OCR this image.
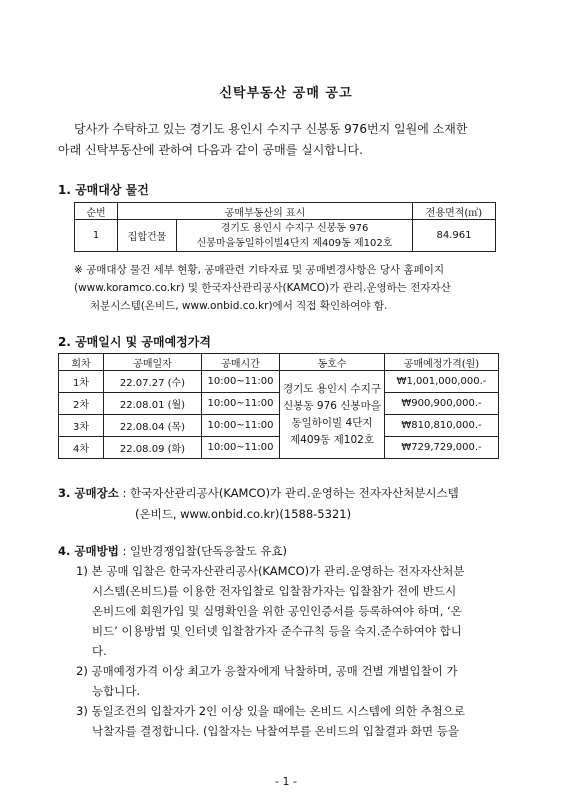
신탁부동산 공매 공고
당사가 수탁하고 있는 경기도 용인시 수지구 신봉동 976번지 일원에 소재한
아래 신탁부동산에 관하여 다음과 같이 공매를 실시합니다.
1. 공매대상 물건
순번	공매부동산의 표시		전용면적(㎡)
1	집합건물	경기도 용인시 수지구 신봉동 976
신봉마을동일하이빌4단지 제409동 제102호	84.961
※ 공매대상 물건 세부 현황, 공매관련 기타자료 및 공매변경사항은 당사 홈페이지
(www.koramco.co.kr) 및 한국자산관리공사(KAMCO)가 관리.운영하는 전자자산
처분시스템(온비드, www.onbid.co.kr)에서 직접 확인하여야 함.
2. 공매일시 및 공매예정가격
회차	공매일자	공매시간	동호수	공매예정가격(원)
1차	22.07.27 (수)	10:00~11:00	경기도 용인시 수지구
신봉동 976 신봉마을
동일하이빌 4단지
제409동 제102호	₩1,001,000,000.-
2차	22.08.01 (월)	10:00~11:00		₩900,900,000.-
3차	22.08.04 (목)	10:00~11:00		₩810,810,000.-
4차	22.08.09 (화)	10:00~11:00		₩729,729,000.-
3. 공매장소 : 한국자산관리공사(KAMCO)가 관리.운영하는 전자자산처분시스템
(온비드, www.onbid.co.kr)(1588-5321)
4. 공매방법 : 일반경쟁입찰(단독응찰도 유효)
1) 본 공매 입찰은 한국자산관리공사(KAMCO)가 관리.운영하는 전자자산처분
시스템(온비드)를 이용한 전자입찰로 입찰참가자는 입찰참가 전에 반드시
온비드에 회원가입 및 실명확인을 위한 공인인증서를 등록하여야 하며, ‘온
비드’ 이용방법 및 인터넷 입찰참가자 준수규칙 등을 숙지.준수하여야 합니
다.
2) 공매예정가격 이상 최고가 응찰자에게 낙찰하며, 공매 건별 개별입찰이 가
능합니다.
3) 동일조건의 입찰자가 2인 이상 있을 때에는 온비드 시스템에 의한 추첨으로
낙찰자를 결정합니다. (입찰자는 낙찰여부를 온비드의 입찰결과 화면 등을
- 1 -
